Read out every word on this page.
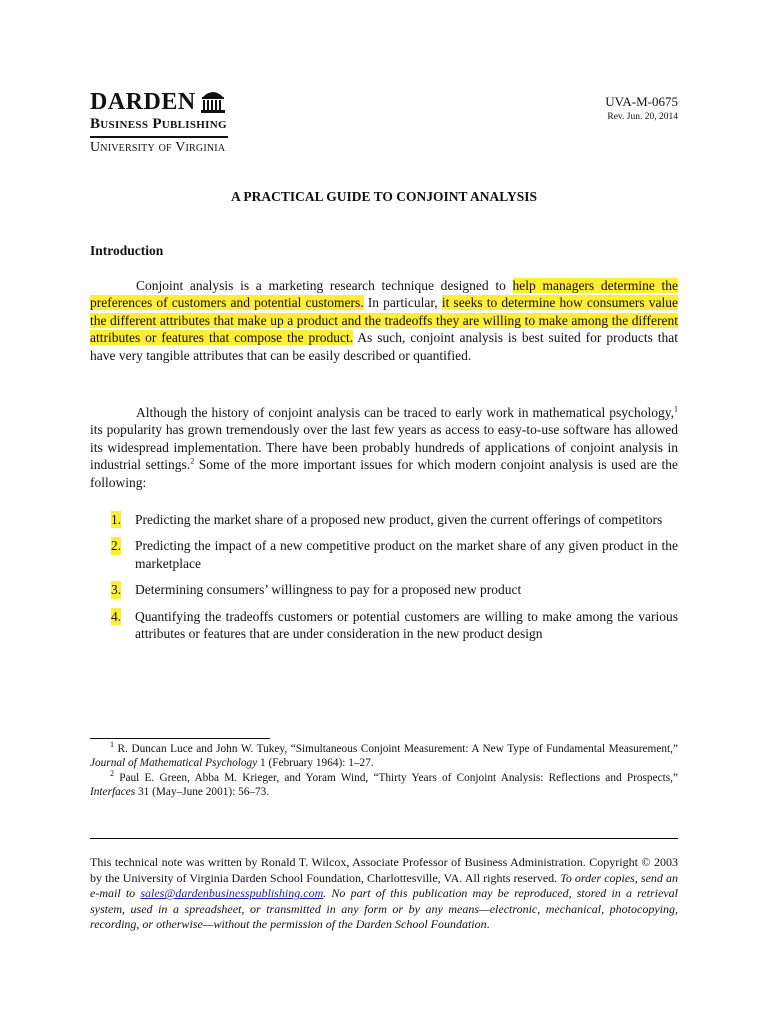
DARDEN
Business Publishing
University of Virginia
UVA-M-0675
Rev. Jun. 20, 2014
A PRACTICAL GUIDE TO CONJOINT ANALYSIS
Introduction

Conjoint analysis is a marketing research technique designed to help managers determine the preferences of customers and potential customers. In particular, it seeks to determine how consumers value the different attributes that make up a product and the tradeoffs they are willing to make among the different attributes or features that compose the product. As such, conjoint analysis is best suited for products that have very tangible attributes that can be easily described or quantified.

Although the history of conjoint analysis can be traced to early work in mathematical psychology,$^1$ its popularity has grown tremendously over the last few years as access to easy-to-use software has allowed its widespread implementation. There have been probably hundreds of applications of conjoint analysis in industrial settings.$^2$ Some of the more important issues for which modern conjoint analysis is used are the following:

1. Predicting the market share of a proposed new product, given the current offerings of competitors
2. Predicting the impact of a new competitive product on the market share of any given product in the marketplace
3. Determining consumers’ willingness to pay for a proposed new product
4. Quantifying the tradeoffs customers or potential customers are willing to make among the various attributes or features that are under consideration in the new product design

$^1$ R. Duncan Luce and John W. Tukey, “Simultaneous Conjoint Measurement: A New Type of Fundamental Measurement,” Journal of Mathematical Psychology 1 (February 1964): 1–27.

$^2$ Paul E. Green, Abba M. Krieger, and Yoram Wind, “Thirty Years of Conjoint Analysis: Reflections and Prospects,” Interfaces 31 (May–June 2001): 56–73.

This technical note was written by Ronald T. Wilcox, Associate Professor of Business Administration. Copyright © 2003 by the University of Virginia Darden School Foundation, Charlottesville, VA. All rights reserved. To order copies, send an e-mail to sales@dardenbusinesspublishing.com. No part of this publication may be reproduced, stored in a retrieval system, used in a spreadsheet, or transmitted in any form or by any means—electronic, mechanical, photocopying, recording, or otherwise—without the permission of the Darden School Foundation.
